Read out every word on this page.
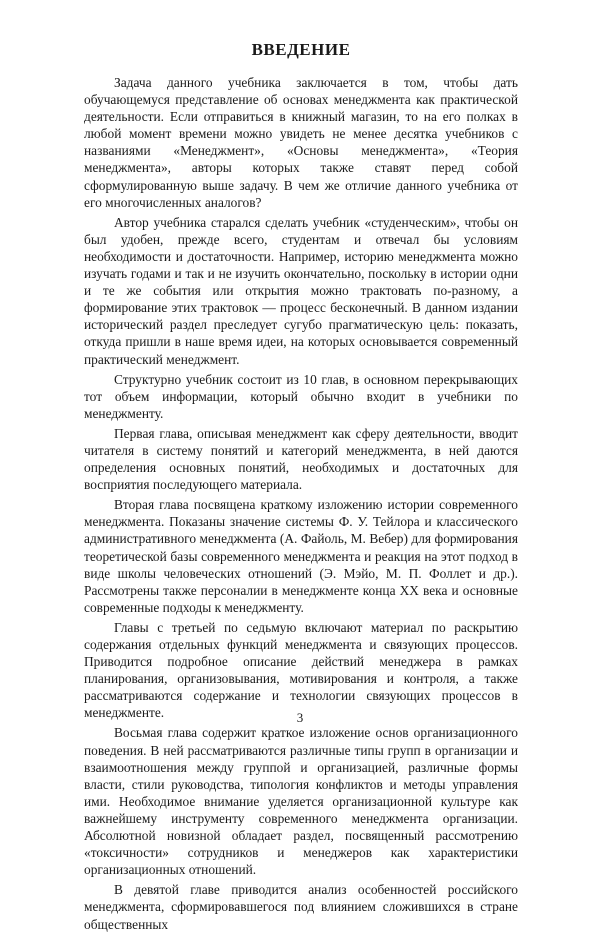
ВВЕДЕНИЕ

Задача данного учебника заключается в том, чтобы дать обучающемуся представление об основах менеджмента как практической деятельности. Если отправиться в книжный магазин, то на его полках в любой момент времени можно увидеть не менее десятка учебников с названиями «Менеджмент», «Основы менеджмента», «Теория менеджмента», авторы которых также ставят перед собой сформулированную выше задачу. В чем же отличие данного учебника от его многочисленных аналогов?

Автор учебника старался сделать учебник «студенческим», чтобы он был удобен, прежде всего, студентам и отвечал бы условиям необходимости и достаточности. Например, историю менеджмента можно изучать годами и так и не изучить окончательно, поскольку в истории одни и те же события или открытия можно трактовать по-разному, а формирование этих трактовок — процесс бесконечный. В данном издании исторический раздел преследует сугубо прагматическую цель: показать, откуда пришли в наше время идеи, на которых основывается современный практический менеджмент.

Структурно учебник состоит из 10 глав, в основном перекрывающих тот объем информации, который обычно входит в учебники по менеджменту.

Первая глава, описывая менеджмент как сферу деятельности, вводит читателя в систему понятий и категорий менеджмента, в ней даются определения основных понятий, необходимых и достаточных для восприятия последующего материала.

Вторая глава посвящена краткому изложению истории современного менеджмента. Показаны значение системы Ф. У. Тейлора и классического административного менеджмента (А. Файоль, М. Вебер) для формирования теоретической базы современного менеджмента и реакция на этот подход в виде школы человеческих отношений (Э. Мэйо, М. П. Фоллет и др.). Рассмотрены также персоналии в менеджменте конца XX века и основные современные подходы к менеджменту.

Главы с третьей по седьмую включают материал по раскрытию содержания отдельных функций менеджмента и связующих процессов. Приводится подробное описание действий менеджера в рамках планирования, организовывания, мотивирования и контроля, а также рассматриваются содержание и технологии связующих процессов в менеджменте.

Восьмая глава содержит краткое изложение основ организационного поведения. В ней рассматриваются различные типы групп в организации и взаимоотношения между группой и организацией, различные формы власти, стили руководства, типология конфликтов и методы управления ими. Необходимое внимание уделяется организационной культуре как важнейшему инструменту современного менеджмента организации. Абсолютной новизной обладает раздел, посвященный рассмотрению «токсичности» сотрудников и менеджеров как характеристики организационных отношений.

В девятой главе приводится анализ особенностей российского менеджмента, сформировавшегося под влиянием сложившихся в стране общественных

3
